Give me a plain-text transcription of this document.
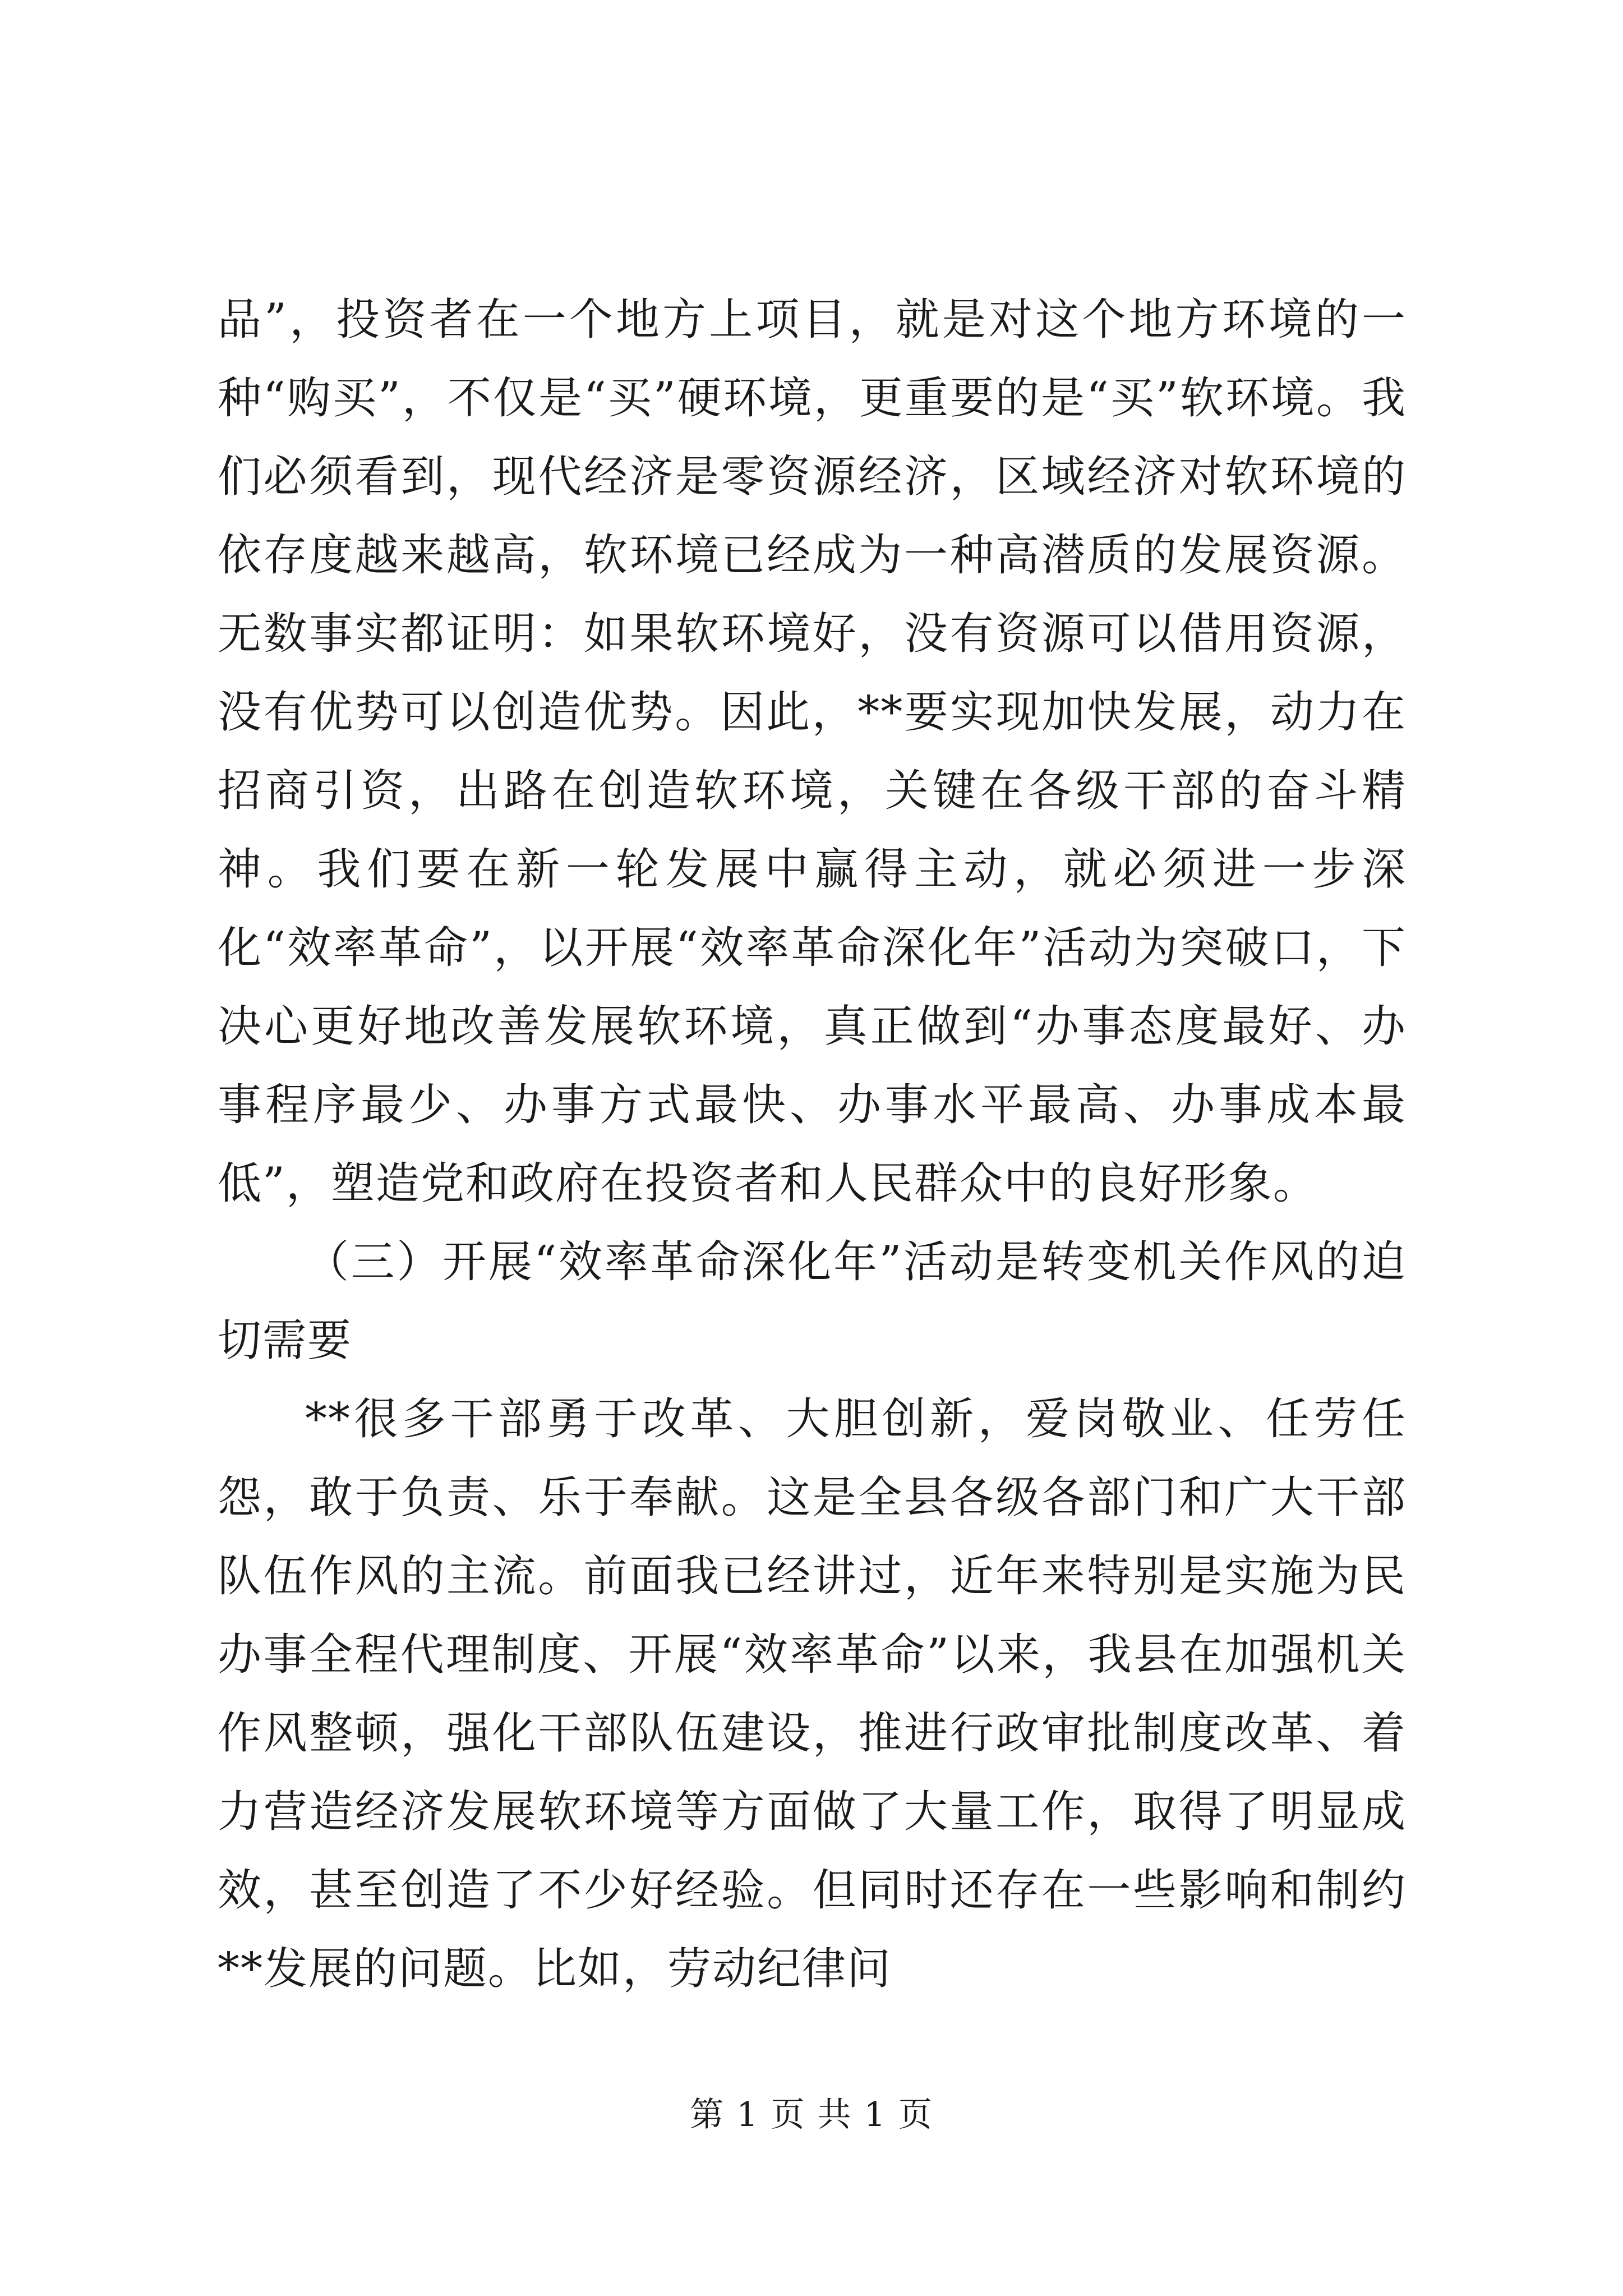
品”，投资者在一个地方上项目，就是对这个地方环境的一种“购买”，不仅是“买”硬环境，更重要的是“买”软环境。我们必须看到，现代经济是零资源经济，区域经济对软环境的依存度越来越高，软环境已经成为一种高潜质的发展资源。无数事实都证明：如果软环境好，没有资源可以借用资源，没有优势可以创造优势。因此，**要实现加快发展，动力在招商引资，出路在创造软环境，关键在各级干部的奋斗精神。我们要在新一轮发展中赢得主动，就必须进一步深化“效率革命”，以开展“效率革命深化年”活动为突破口，下决心更好地改善发展软环境，真正做到“办事态度最好、办事程序最少、办事方式最快、办事水平最高、办事成本最低”，塑造党和政府在投资者和人民群众中的良好形象。

（三）开展“效率革命深化年”活动是转变机关作风的迫切需要

**很多干部勇于改革、大胆创新，爱岗敬业、任劳任怨，敢于负责、乐于奉献。这是全县各级各部门和广大干部队伍作风的主流。前面我已经讲过，近年来特别是实施为民办事全程代理制度、开展“效率革命”以来，我县在加强机关作风整顿，强化干部队伍建设，推进行政审批制度改革、着力营造经济发展软环境等方面做了大量工作，取得了明显成效，甚至创造了不少好经验。但同时还存在一些影响和制约**发展的问题。比如，劳动纪律问

第 1 页 共 1 页
